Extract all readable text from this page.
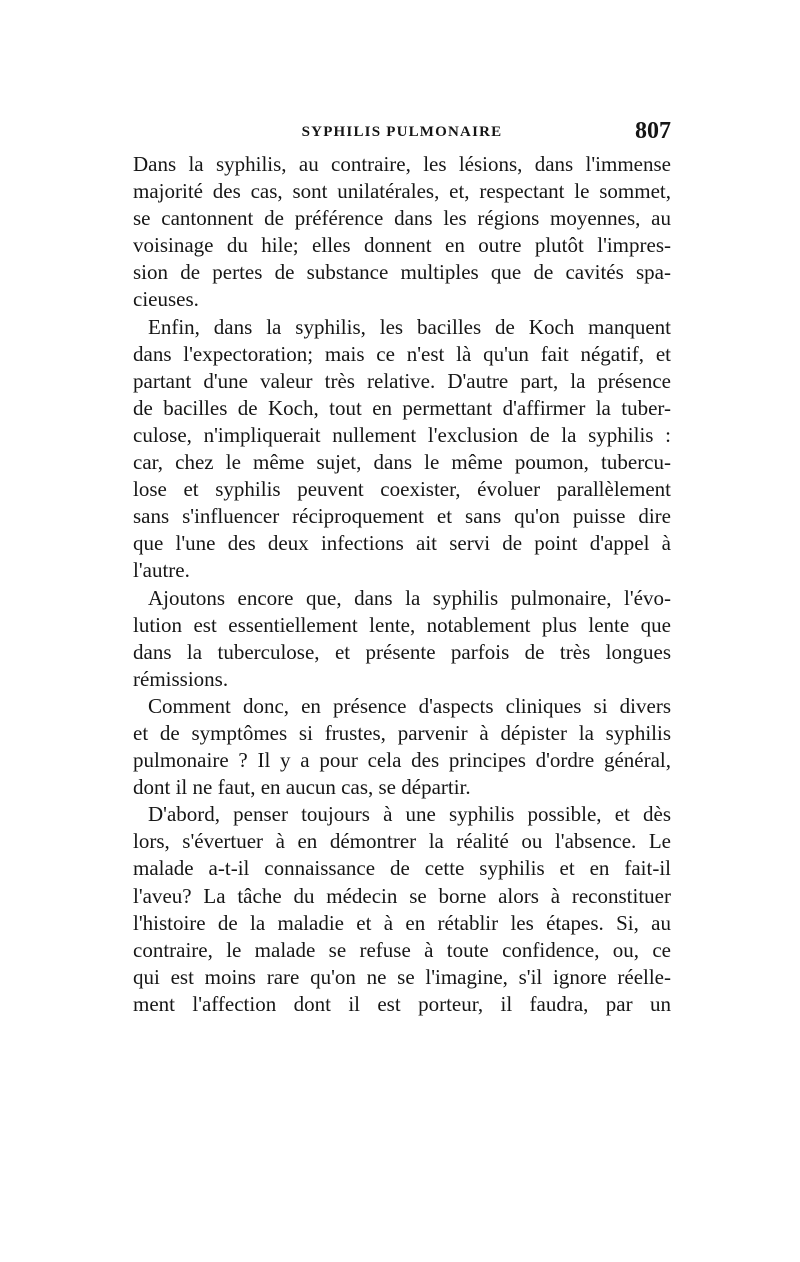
SYPHILIS PULMONAIRE	807
Dans la syphilis, au contraire, les lésions, dans l'immense
majorité des cas, sont unilatérales, et, respectant le sommet,
se cantonnent de préférence dans les régions moyennes, au
voisinage du hile; elles donnent en outre plutôt l'impres-
sion de pertes de substance multiples que de cavités spa-
cieuses.
Enfin, dans la syphilis, les bacilles de Koch manquent
dans l'expectoration; mais ce n'est là qu'un fait négatif, et
partant d'une valeur très relative. D'autre part, la présence
de bacilles de Koch, tout en permettant d'affirmer la tuber-
culose, n'impliquerait nullement l'exclusion de la syphilis :
car, chez le même sujet, dans le même poumon, tubercu-
lose et syphilis peuvent coexister, évoluer parallèlement
sans s'influencer réciproquement et sans qu'on puisse dire
que l'une des deux infections ait servi de point d'appel à
l'autre.
Ajoutons encore que, dans la syphilis pulmonaire, l'évo-
lution est essentiellement lente, notablement plus lente que
dans la tuberculose, et présente parfois de très longues
rémissions.
Comment donc, en présence d'aspects cliniques si divers
et de symptômes si frustes, parvenir à dépister la syphilis
pulmonaire ? Il y a pour cela des principes d'ordre général,
dont il ne faut, en aucun cas, se départir.
D'abord, penser toujours à une syphilis possible, et dès
lors, s'évertuer à en démontrer la réalité ou l'absence. Le
malade a-t-il connaissance de cette syphilis et en fait-il
l'aveu? La tâche du médecin se borne alors à reconstituer
l'histoire de la maladie et à en rétablir les étapes. Si, au
contraire, le malade se refuse à toute confidence, ou, ce
qui est moins rare qu'on ne se l'imagine, s'il ignore réelle-
ment l'affection dont il est porteur, il faudra, par un
